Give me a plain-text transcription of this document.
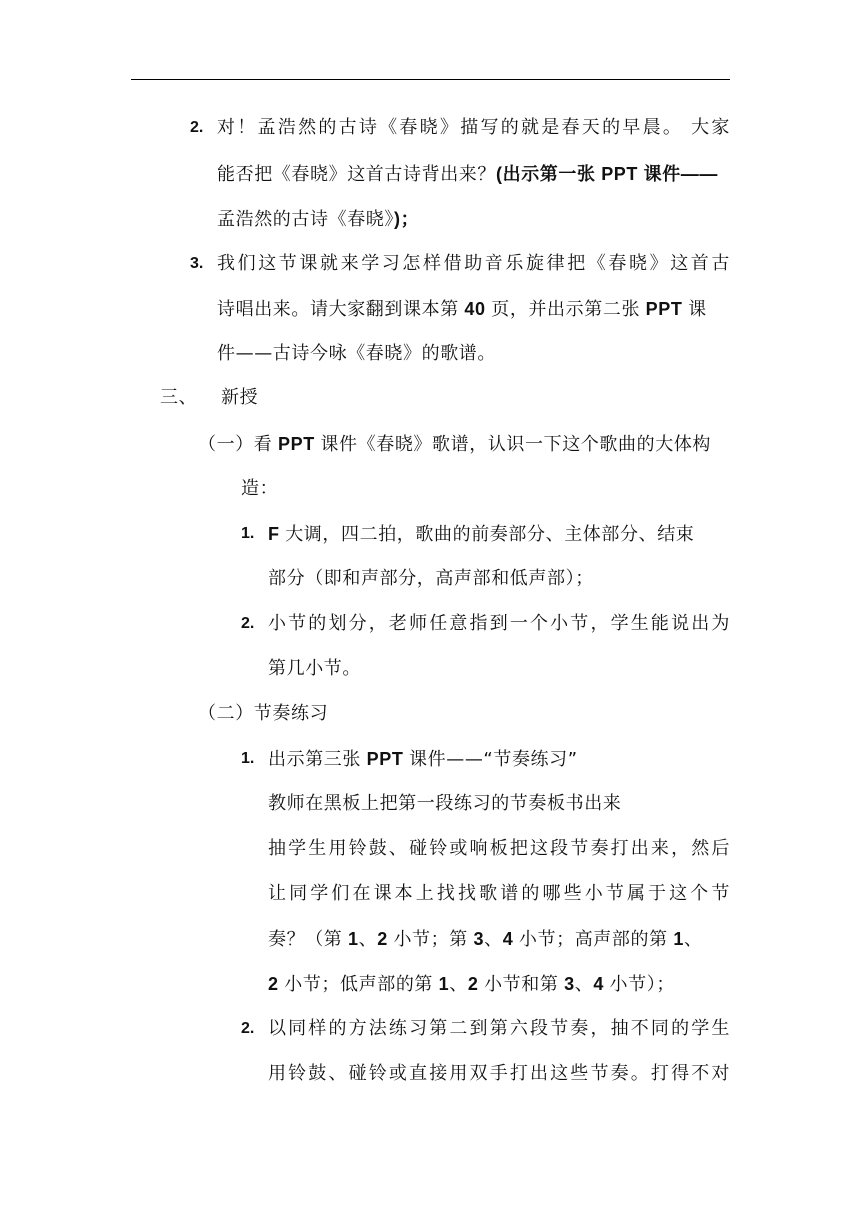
2. 对！孟浩然的古诗《春晓》描写的就是春天的早晨。 大家
能否把《春晓》这首古诗背出来？(出示第一张 PPT 课件——
孟浩然的古诗《春晓》)；
3. 我们这节课就来学习怎样借助音乐旋律把《春晓》这首古
诗唱出来。请大家翻到课本第 40 页，并出示第二张 PPT 课
件——古诗今咏《春晓》的歌谱。
三、 新授
（一）看 PPT 课件《春晓》歌谱，认识一下这个歌曲的大体构
造：
1. F 大调，四二拍，歌曲的前奏部分、主体部分、结束
部分（即和声部分，高声部和低声部）；
2. 小节的划分，老师任意指到一个小节，学生能说出为
第几小节。
（二）节奏练习
1. 出示第三张 PPT 课件——“节奏练习”
教师在黑板上把第一段练习的节奏板书出来
抽学生用铃鼓、碰铃或响板把这段节奏打出来，然后
让同学们在课本上找找歌谱的哪些小节属于这个节
奏？（第 1、2 小节；第 3、4 小节；高声部的第 1、
2 小节；低声部的第 1、2 小节和第 3、4 小节）；
2. 以同样的方法练习第二到第六段节奏，抽不同的学生
用铃鼓、碰铃或直接用双手打出这些节奏。打得不对
